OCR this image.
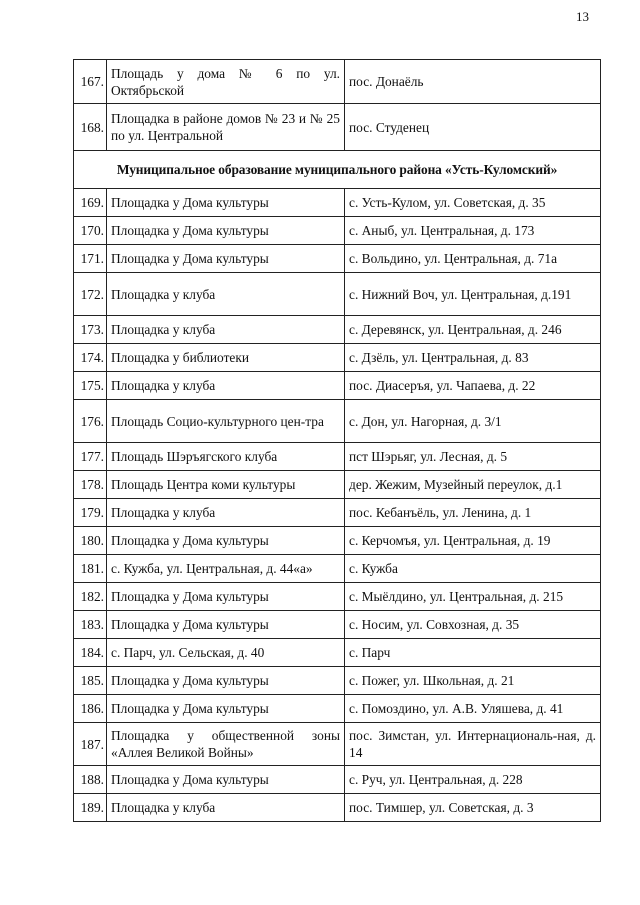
13
167.	Площадь у дома № 6 по ул. Октябрьской	пос. Донаёль
168.	Площадка в районе домов № 23 и № 25 по ул. Центральной	пос. Студенец
Муниципальное образование муниципального района «Усть-Куломский»		
169.	Площадка у Дома культуры	с. Усть-Кулом, ул. Советская, д. 35
170.	Площадка у Дома культуры	с. Аныб, ул. Центральная, д. 173
171.	Площадка у Дома культуры	с. Вольдино, ул. Центральная, д. 71а
172.	Площадка у клуба	с. Нижний Воч, ул. Центральная, д.191
173.	Площадка у клуба	с. Деревянск, ул. Центральная, д. 246
174.	Площадка у библиотеки	с. Дзёль, ул. Центральная, д. 83
175.	Площадка у клуба	пос. Диасеръя, ул. Чапаева, д. 22
176.	Площадь Социо-культурного цен-тра	с. Дон, ул. Нагорная, д. 3/1
177.	Площадь Шэръягского клуба	пст Шэрьяг, ул. Лесная, д. 5
178.	Площадь Центра коми культуры	дер. Жежим, Музейный переулок, д.1
179.	Площадка у клуба	пос. Кебанъёль, ул. Ленина, д. 1
180.	Площадка у Дома культуры	с. Керчомъя, ул. Центральная, д. 19
181.	с. Кужба, ул. Центральная, д. 44«а»	с. Кужба
182.	Площадка у Дома культуры	с. Мыёлдино, ул. Центральная, д. 215
183.	Площадка у Дома культуры	с. Носим, ул. Совхозная, д. 35
184.	с. Парч, ул. Сельская, д. 40	с. Парч
185.	Площадка у Дома культуры	с. Пожег, ул. Школьная, д. 21
186.	Площадка у Дома культуры	с. Помоздино, ул. А.В. Уляшева, д. 41
187.	Площадка у общественной зоны «Аллея Великой Войны»	пос. Зимстан, ул. Интернациональ-ная, д. 14
188.	Площадка у Дома культуры	с. Руч, ул. Центральная, д. 228
189.	Площадка у клуба	пос. Тимшер, ул. Советская, д. 3
